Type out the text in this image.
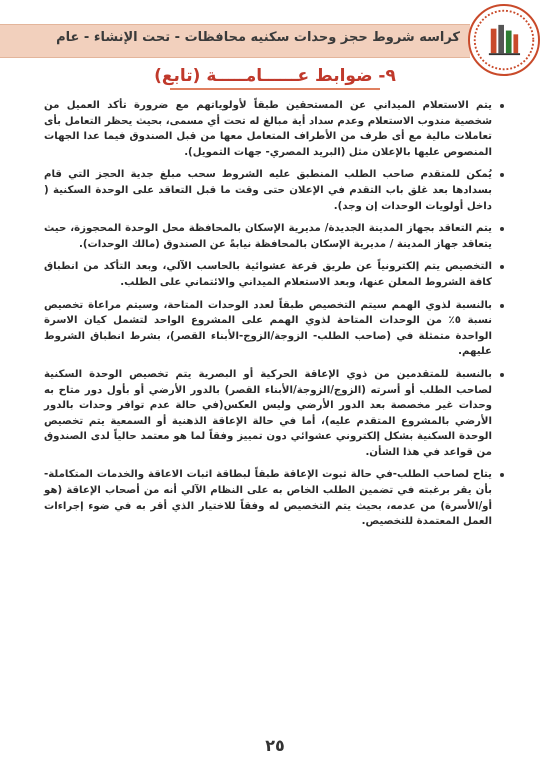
كراسه شروط حجز وحدات سكنيه محافظات - تحت الإنشاء - عام
٩- ضوابط عــــــامـــــة (تابع)
يتم الاستعلام الميداني عن المستحقين طبقاً لأولوياتهم مع ضرورة تأكد العميل من شخصية مندوب الاستعلام وعدم سداد أية مبالغ له تحت أي مسمى، بحيث يحظر التعامل بأى تعاملات مالية مع أى طرف من الأطراف المتعامل معها من قبل الصندوق فيما عدا الجهات المنصوص عليها بالإعلان مثل (البريد المصري- جهات التمويل).
يُمكن للمتقدم صاحب الطلب المنطبق عليه الشروط سحب مبلغ جدية الحجز التي قام بسدادها بعد غلق باب التقدم في الإعلان حتى وقت ما قبل التعاقد على الوحدة السكنية ( داخل أولويات الوحدات إن وجد).
يتم التعاقد بجهاز المدينة الجديدة/ مديرية الإسكان بالمحافظة محل الوحدة المحجوزة، حيث يتعاقد جهاز المدينة / مديرية الإسكان بالمحافظة نيابةً عن الصندوق (مالك الوحدات).
التخصيص يتم إلكترونياً عن طريق قرعة عشوائية بالحاسب الآلي، وبعد التأكد من انطباق كافة الشروط المعلن عنها، وبعد الاستعلام الميداني والائتماني على الطلب.
بالنسبة لذوي الهمم سيتم التخصيص طبقاً لعدد الوحدات المتاحة، وسيتم مراعاة تخصيص نسبة ٥٪ من الوحدات المتاحة لذوي الهمم على المشروع الواحد لتشمل كيان الاسرة الواحدة متمثلة في (صاحب الطلب- الزوجة/الزوج-الأبناء القصر)، بشرط انطباق الشروط عليهم.
بالنسبة للمتقدمين من ذوي الإعاقة الحركية أو البصرية يتم تخصيص الوحدة السكنية لصاحب الطلب أو أسرته (الزوج/الزوجة/الأبناء القصر) بالدور الأرضي أو بأول دور متاح به وحدات غير مخصصة بعد الدور الأرضي وليس العكس(في حالة عدم توافر وحدات بالدور الأرضي بالمشروع المتقدم عليه)، أما في حالة الإعاقة الذهنية أو السمعية يتم تخصيص الوحدة السكنية بشكل إلكتروني عشوائي دون تمييز وفقاً لما هو معتمد حالياً لدى الصندوق من قواعد في هذا الشأن.
يتاح لصاحب الطلب-في حالة ثبوت الإعاقة طبقاً لبطاقة اثبات الاعاقة والخدمات المتكاملة- بأن يقر برغبته في تضمين الطلب الخاص به على النظام الآلي أنه من أصحاب الإعاقة (هو أو/الأسرة) من عدمه، بحيث يتم التخصيص له وفقاً للاختيار الذي أقر به في ضوء إجراءات العمل المعتمدة للتخصيص.
٢٥
